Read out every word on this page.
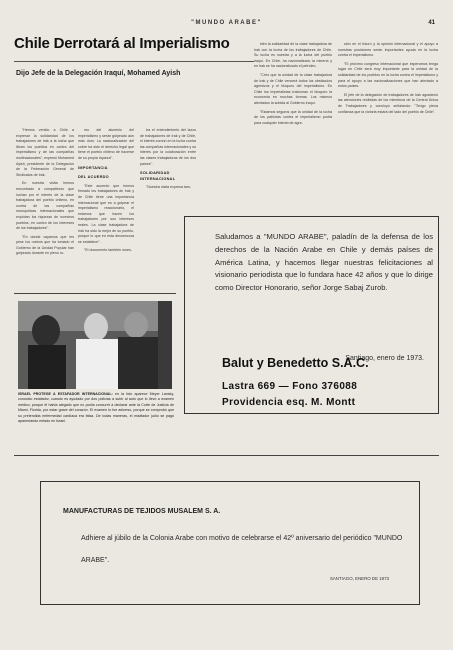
"MUNDO ARABE"	41
Chile Derrotará al Imperialismo
Dijo Jefe de la Delegación Iraquí, Mohamed Ayish

"Hemos venido a Chile a expresar la solidaridad de los trabajadores de Irak a la lucha que libran los pueblos en contra del imperialismo y de las compañías multinacionales", expresó Mohamed Ayish, presidente de la Delegación de la Federación General de Sindicatos de Irak.

En nuestra visita hemos encontrado a compañeros que luchan por el interés de la clase trabajadora del pueblo chileno, en contra de las compañías monopólicas internacionales que explotan los riquezas de nuestros pueblos, en contra de los intereses de los trabajadores".

"En donde vayamos que les pese los rostros que ha tomado el Gobierno de la Unidad Popular han golpeado durante en pleno ro-

mo del aluminio del imperialismo y serán golpeado aún más duro. La nacionalización del cobre ha sido el derecho legal que tiene el pueblo chileno de hacerse de su propia riqueza".

IMPORTANCIA
DEL ACUERDO

"Este acuerdo que hemos firmado los trabajadores de Irak y de Chile tiene una importancia internacional que es a golpear el imperialismo reaccionario, el estamos que hacen los trabajadores por sus intereses reales. La clase trabajadora de Irak ha sido la mejor de su pueblo, porque lo que en esta decuencura se establece".

"El documento también mues-

tra el entendimiento del lazos de trabajadores de Irak y de Chile, el interés común en la lucha contra las compañías internacionales y su interés por la colaboración entre las clases trabajadoras de los dos países".

SOLIDARIDAD INTERNACIONAL

"Nuestra visita expresa tam-

bién la solidaridad de la clase trabajadora de Irak con la lucha de los trabajadores de Chile. Su lucha es nuestra y a la lucha del pueblo iraquí. En Chile, ha nacionalizado la minería y en Irak se ha nacionalizado el petróleo.

"Creo que la unidad de la clase trabajadora de Irak y de Chile vencerá todos los obstáculos agresivos y el bloqueo del imperialismo. En Chile los imperialistas traicionan el bloqueo la economía en muchas formas. Los mismos atentados la subida al Gobierno iraquí.

"Estamos seguros que la unidad de la lucha de los patriotas contra el imperialismo podrá para cualquier intento de agre-

sión en el futuro y la opinión internacional y el apoyo a nuestras posiciones serán importantes ayuda en la lucha contra el imperialismo.

"El próximo congreso internacional que esperamos tenga lugar en Chile será muy importante para la unidad de la solidaridad de los pueblos en la lucha contra el imperialismo y para el apoyo a las nacionalizaciones que han afectado a estos países.

El jefe de la delegación de trabajadores de Irak agradeció las atenciones recibidas de los miembros de la Central Única de Trabajadores y concluyó señalando: "Tengo plena confianza que la victoria estará del lado del pueblo de Chile".

ISRAEL PROTEGE A ESTAFADOR INTERNACIONAL: en la foto aparece Meyer Lansky, conocido estafador, cuando es ayudado por dos policías a subir al auto que lo llevó a examen médico, porque él había alegado que no podía concurrir a declarar ante la Corte de Justicia de Miami, Florida, por estar grave del corazón. El examen lo fue adverso, porque se comprobó que su pretendida enfermedad cardíaca era falsa. De todas maneras, el estafador judío se pagó aparentando enfado en Israel.
Saludamos a "MUNDO ARABE", paladín de la defensa de los derechos de la Nación Arabe en Chile y demás países de América Latina, y hacemos llegar nuestras felicitaciones al visionario periodista que lo fundara hace 42 años y que lo dirige como Director Honorario, señor Jorge Sabaj Zurob.
Santiago, enero de 1973.
Balut y Benedetto S.A.C.
Lastra 669 — Fono 376088
Providencia esq. M. Montt
MANUFACTURAS DE TEJIDOS MUSALEM S. A.
Adhiere al júbilo de la Colonia Arabe con motivo de celebrarse el 42º aniversario del periódico "MUNDO ARABE".
SANTIAGO, ENERO DE 1973
